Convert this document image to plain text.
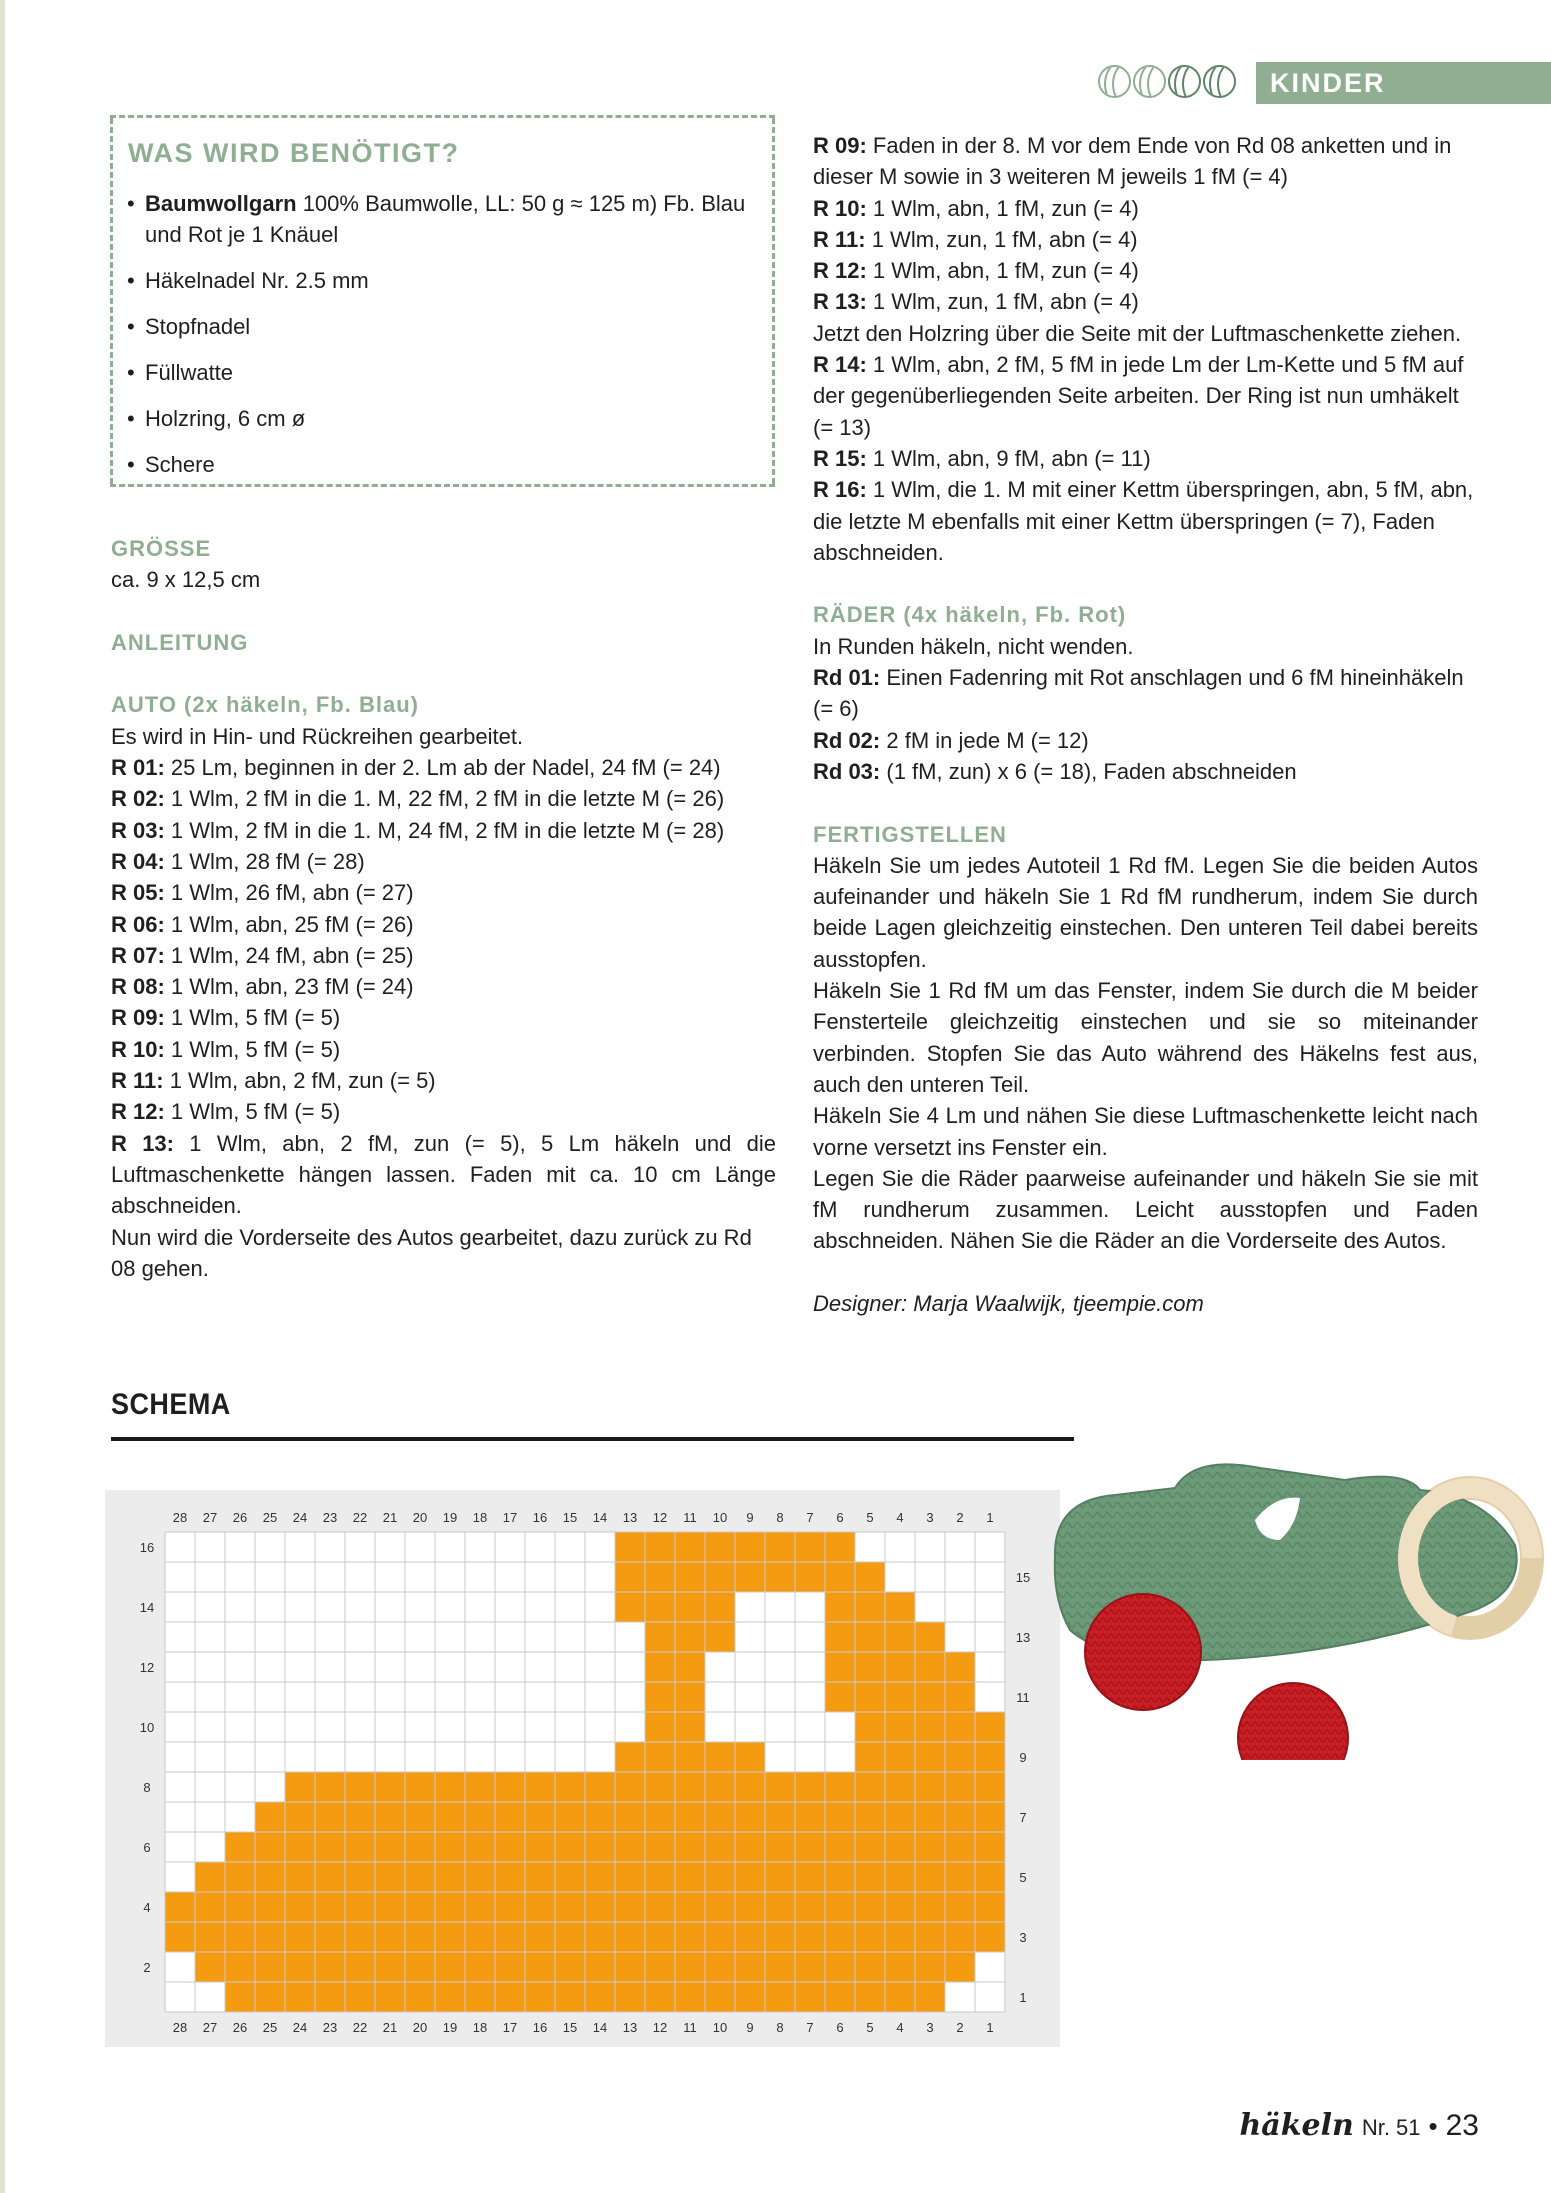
KINDER
WAS WIRD BENÖTIGT?
• Baumwollgarn 100% Baumwolle, LL: 50 g ≈ 125 m) Fb. Blau und Rot je 1 Knäuel
• Häkelnadel Nr. 2.5 mm
• Stopfnadel
• Füllwatte
• Holzring, 6 cm ø
• Schere
GRÖSSE
ca. 9 x 12,5 cm
ANLEITUNG
AUTO (2x häkeln, Fb. Blau)
Es wird in Hin- und Rückreihen gearbeitet.
R 01: 25 Lm, beginnen in der 2. Lm ab der Nadel, 24 fM (= 24)
R 02: 1 Wlm, 2 fM in die 1. M, 22 fM, 2 fM in die letzte M (= 26)
R 03: 1 Wlm, 2 fM in die 1. M, 24 fM, 2 fM in die letzte M (= 28)
R 04: 1 Wlm, 28 fM (= 28)
R 05: 1 Wlm, 26 fM, abn (= 27)
R 06: 1 Wlm, abn, 25 fM (= 26)
R 07: 1 Wlm, 24 fM, abn (= 25)
R 08: 1 Wlm, abn, 23 fM (= 24)
R 09: 1 Wlm, 5 fM (= 5)
R 10: 1 Wlm, 5 fM (= 5)
R 11: 1 Wlm, abn, 2 fM, zun (= 5)
R 12: 1 Wlm, 5 fM (= 5)
R 13: 1 Wlm, abn, 2 fM, zun (= 5), 5 Lm häkeln und die Luftmaschenkette hängen lassen. Faden mit ca. 10 cm Länge abschneiden.
Nun wird die Vorderseite des Autos gearbeitet, dazu zurück zu Rd 08 gehen.
R 09: Faden in der 8. M vor dem Ende von Rd 08 anketten und in dieser M sowie in 3 weiteren M jeweils 1 fM (= 4)
R 10: 1 Wlm, abn, 1 fM, zun (= 4)
R 11: 1 Wlm, zun, 1 fM, abn (= 4)
R 12: 1 Wlm, abn, 1 fM, zun (= 4)
R 13: 1 Wlm, zun, 1 fM, abn (= 4)
Jetzt den Holzring über die Seite mit der Luftmaschenkette ziehen.
R 14: 1 Wlm, abn, 2 fM, 5 fM in jede Lm der Lm-Kette und 5 fM auf der gegenüberliegenden Seite arbeiten. Der Ring ist nun umhäkelt (= 13)
R 15: 1 Wlm, abn, 9 fM, abn (= 11)
R 16: 1 Wlm, die 1. M mit einer Kettm überspringen, abn, 5 fM, abn, die letzte M ebenfalls mit einer Kettm überspringen (= 7), Faden abschneiden.
RÄDER (4x häkeln, Fb. Rot)
In Runden häkeln, nicht wenden.
Rd 01: Einen Fadenring mit Rot anschlagen und 6 fM hineinhäkeln (= 6)
Rd 02: 2 fM in jede M (= 12)
Rd 03: (1 fM, zun) x 6 (= 18), Faden abschneiden
FERTIGSTELLEN
Häkeln Sie um jedes Autoteil 1 Rd fM. Legen Sie die beiden Autos aufeinander und häkeln Sie 1 Rd fM rundherum, indem Sie durch beide Lagen gleichzeitig einstechen. Den unteren Teil dabei bereits ausstopfen.
Häkeln Sie 1 Rd fM um das Fenster, indem Sie durch die M beider Fensterteile gleichzeitig einstechen und sie so miteinander verbinden. Stopfen Sie das Auto während des Häkelns fest aus, auch den unteren Teil.
Häkeln Sie 4 Lm und nähen Sie diese Luftmaschenkette leicht nach vorne versetzt ins Fenster ein.
Legen Sie die Räder paarweise aufeinander und häkeln Sie sie mit fM rundherum zusammen. Leicht ausstopfen und Faden abschneiden. Nähen Sie die Räder an die Vorderseite des Autos.
Designer: Marja Waalwijk, tjeempie.com
SCHEMA
28
28
27
27
26
26
25
25
24
24
23
23
22
22
21
21
20
20
19
19
18
18
17
17
16
16
15
15
14
14
13
13
12
12
11
11
10
10
9
9
8
8
7
7
6
6
5
5
4
4
3
3
2
2
1
1
2
4
6
8
10
12
14
16
1
3
5
7
9
11
13
15
häkeln Nr. 51 • 23
